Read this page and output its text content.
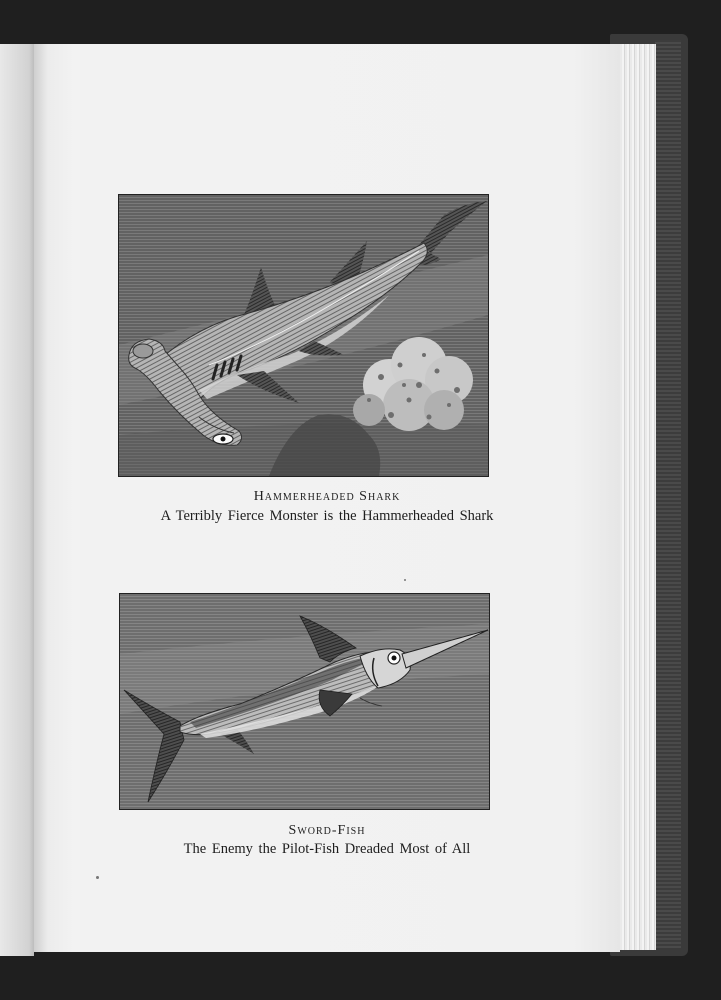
Hammerheaded Shark
A Terribly Fierce Monster is the Hammerheaded Shark
Sword-Fish
The Enemy the Pilot-Fish Dreaded Most of All
